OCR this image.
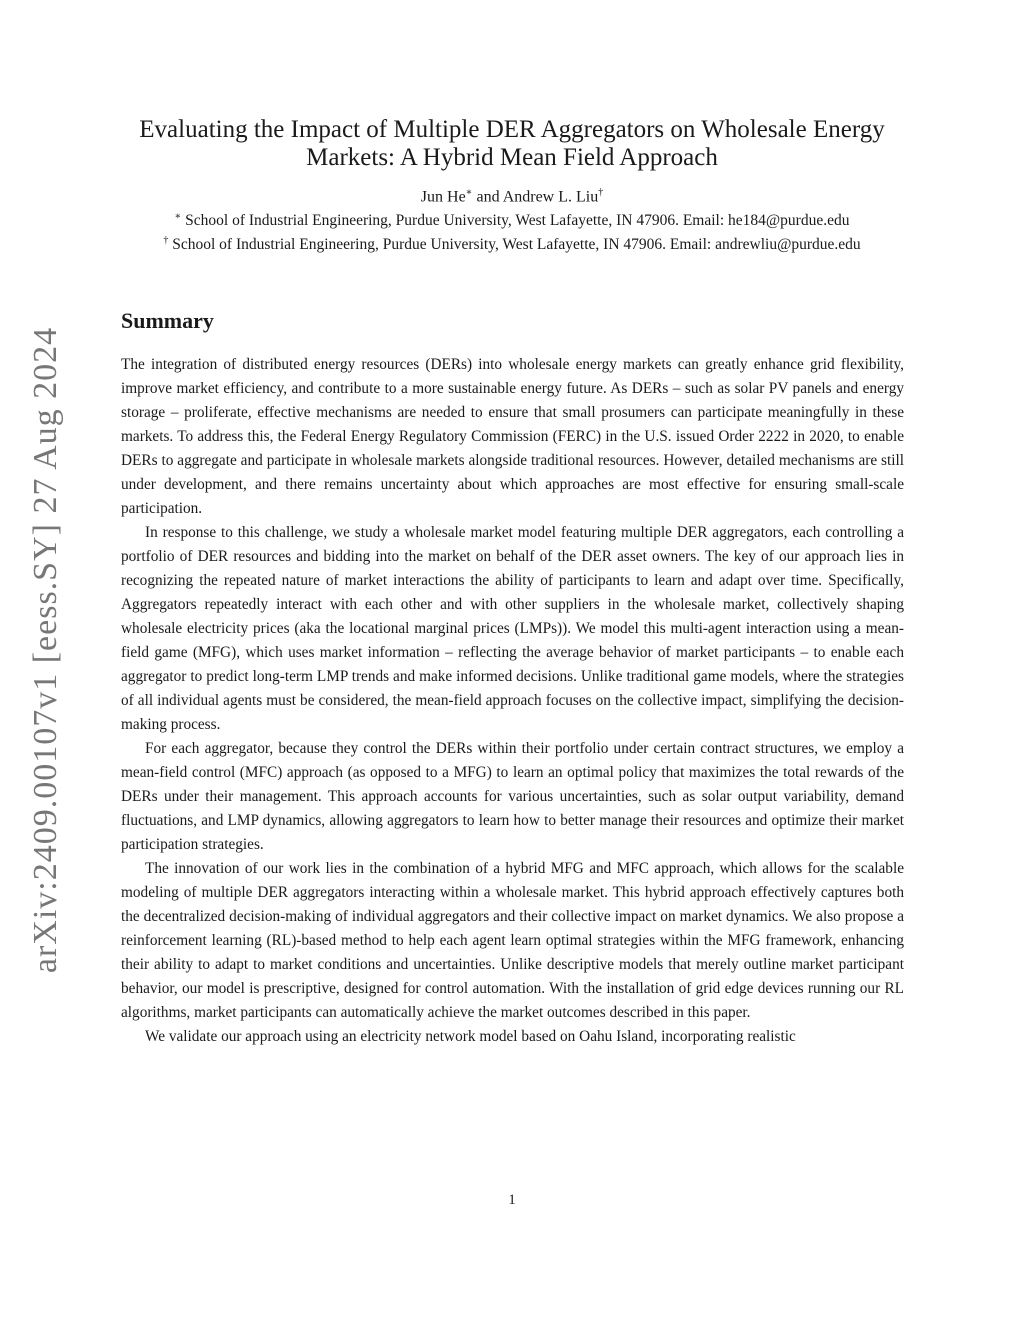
arXiv:2409.00107v1 [eess.SY] 27 Aug 2024
Evaluating the Impact of Multiple DER Aggregators on Wholesale Energy
Markets: A Hybrid Mean Field Approach
Jun He∗ and Andrew L. Liu†
∗ School of Industrial Engineering, Purdue University, West Lafayette, IN 47906. Email: he184@purdue.edu
† School of Industrial Engineering, Purdue University, West Lafayette, IN 47906. Email: andrewliu@purdue.edu
Summary

The integration of distributed energy resources (DERs) into wholesale energy markets can greatly enhance grid flexibility, improve market efficiency, and contribute to a more sustainable energy future. As DERs – such as solar PV panels and energy storage – proliferate, effective mechanisms are needed to ensure that small prosumers can participate meaningfully in these markets. To address this, the Federal Energy Regulatory Commission (FERC) in the U.S. issued Order 2222 in 2020, to enable DERs to aggregate and participate in wholesale markets alongside traditional resources. However, detailed mechanisms are still under development, and there remains uncertainty about which approaches are most effective for ensuring small-scale participation.

In response to this challenge, we study a wholesale market model featuring multiple DER aggregators, each controlling a portfolio of DER resources and bidding into the market on behalf of the DER asset owners. The key of our approach lies in recognizing the repeated nature of market interactions the ability of participants to learn and adapt over time. Specifically, Aggregators repeatedly interact with each other and with other suppliers in the wholesale market, collectively shaping wholesale electricity prices (aka the locational marginal prices (LMPs)). We model this multi-agent interaction using a mean-field game (MFG), which uses market information – reflecting the average behavior of market participants – to enable each aggregator to predict long-term LMP trends and make informed decisions. Unlike traditional game models, where the strategies of all individual agents must be considered, the mean-field approach focuses on the collective impact, simplifying the decision-making process.

For each aggregator, because they control the DERs within their portfolio under certain contract structures, we employ a mean-field control (MFC) approach (as opposed to a MFG) to learn an optimal policy that maximizes the total rewards of the DERs under their management. This approach accounts for various uncertainties, such as solar output variability, demand fluctuations, and LMP dynamics, allowing aggregators to learn how to better manage their resources and optimize their market participation strategies.

The innovation of our work lies in the combination of a hybrid MFG and MFC approach, which allows for the scalable modeling of multiple DER aggregators interacting within a wholesale market. This hybrid approach effectively captures both the decentralized decision-making of individual aggregators and their collective impact on market dynamics. We also propose a reinforcement learning (RL)-based method to help each agent learn optimal strategies within the MFG framework, enhancing their ability to adapt to market conditions and uncertainties. Unlike descriptive models that merely outline market participant behavior, our model is prescriptive, designed for control automation. With the installation of grid edge devices running our RL algorithms, market participants can automatically achieve the market outcomes described in this paper.

We validate our approach using an electricity network model based on Oahu Island, incorporating realistic

1
